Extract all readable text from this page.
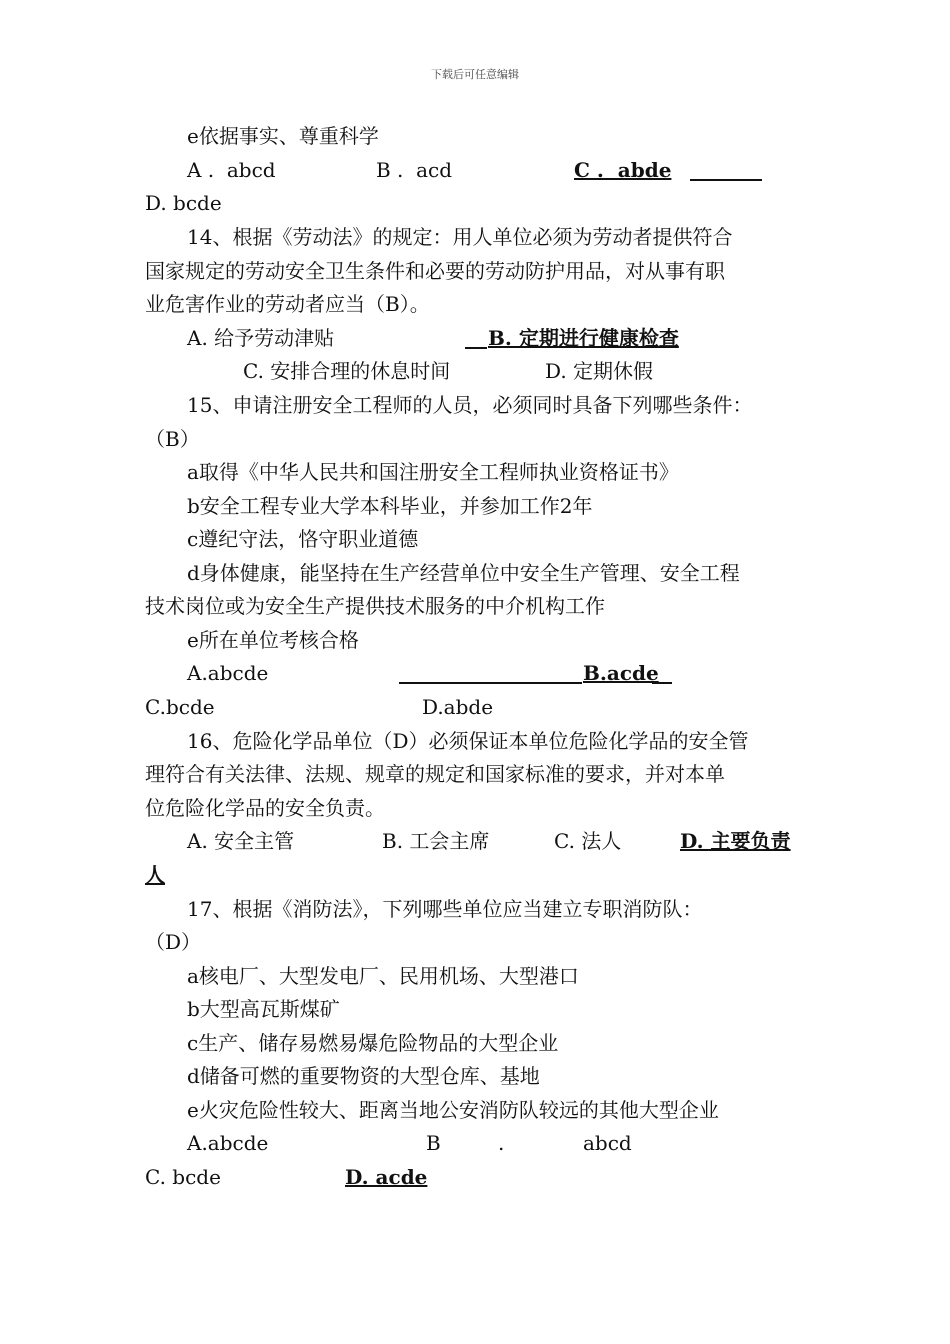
下载后可任意编辑
e依据事实、尊重科学
A .  abcd	B .  acd	C .  abde
D. bcde
14、根据《劳动法》的规定：用人单位必须为劳动者提供符合
国家规定的劳动安全卫生条件和必要的劳动防护用品，对从事有职
业危害作业的劳动者应当（B）。
A. 给予劳动津贴	B. 定期进行健康检查
C. 安排合理的休息时间	D. 定期休假
15、申请注册安全工程师的人员，必须同时具备下列哪些条件：
（B）
a取得《中华人民共和国注册安全工程师执业资格证书》
b安全工程专业大学本科毕业，并参加工作2年
c遵纪守法，恪守职业道德
d身体健康，能坚持在生产经营单位中安全生产管理、安全工程
技术岗位或为安全生产提供技术服务的中介机构工作
e所在单位考核合格
A.abcde	B.acde
C.bcde	D.abde
16、危险化学品单位（D）必须保证本单位危险化学品的安全管
理符合有关法律、法规、规章的规定和国家标准的要求，并对本单
位危险化学品的安全负责。
A. 安全主管	B. 工会主席	C. 法人	D. 主要负责
人
17、根据《消防法》，下列哪些单位应当建立专职消防队：
（D）
a核电厂、大型发电厂、民用机场、大型港口
b大型高瓦斯煤矿
c生产、储存易燃易爆危险物品的大型企业
d储备可燃的重要物资的大型仓库、基地
e火灾危险性较大、距离当地公安消防队较远的其他大型企业
A.abcde	B	.	abcd
C. bcde	D. acde
